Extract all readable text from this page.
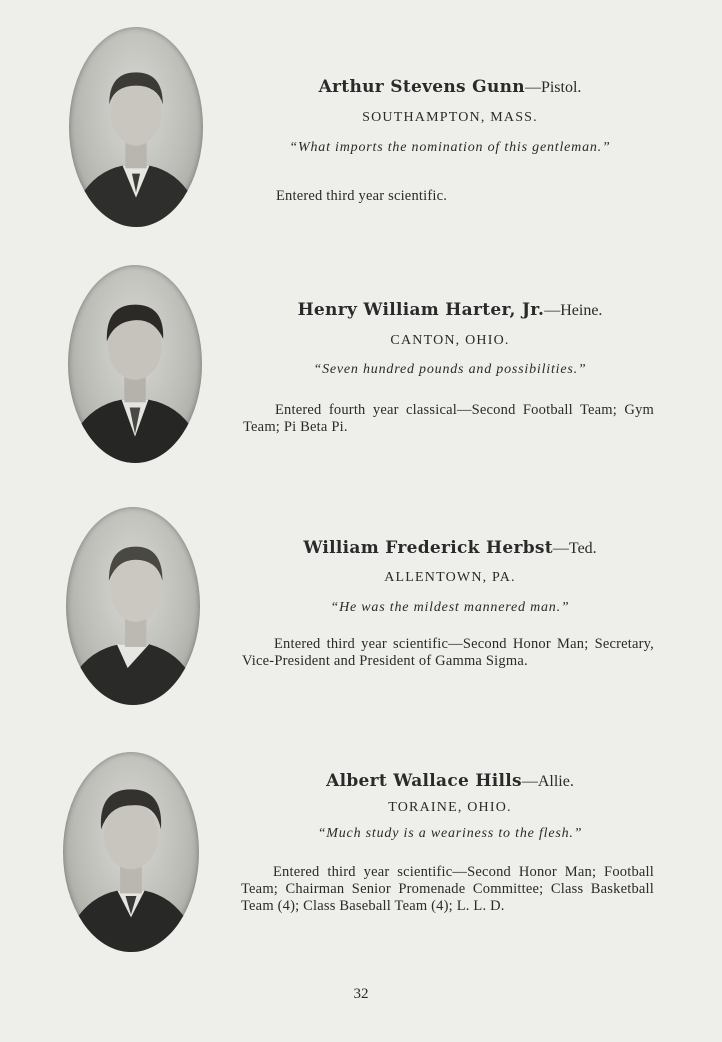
Arthur Stevens Gunn—Pistol.
SOUTHAMPTON, MASS.
“What imports the nomination of this gentleman.”
Entered third year scientific.
Henry William Harter, Jr.—Heine.
CANTON, OHIO.
“Seven hundred pounds and possibilities.”
Entered fourth year classical—Second Football Team; Gym Team; Pi Beta Pi.
William Frederick Herbst—Ted.
ALLENTOWN, PA.
“He was the mildest mannered man.”
Entered third year scientific—Second Honor Man; Secretary, Vice-President and President of Gamma Sigma.
Albert Wallace Hills—Allie.
TORAINE, OHIO.
“Much study is a weariness to the flesh.”
Entered third year scientific—Second Honor Man; Football Team; Chairman Senior Promenade Committee; Class Basketball Team (4); Class Baseball Team (4); L. L. D.
32
